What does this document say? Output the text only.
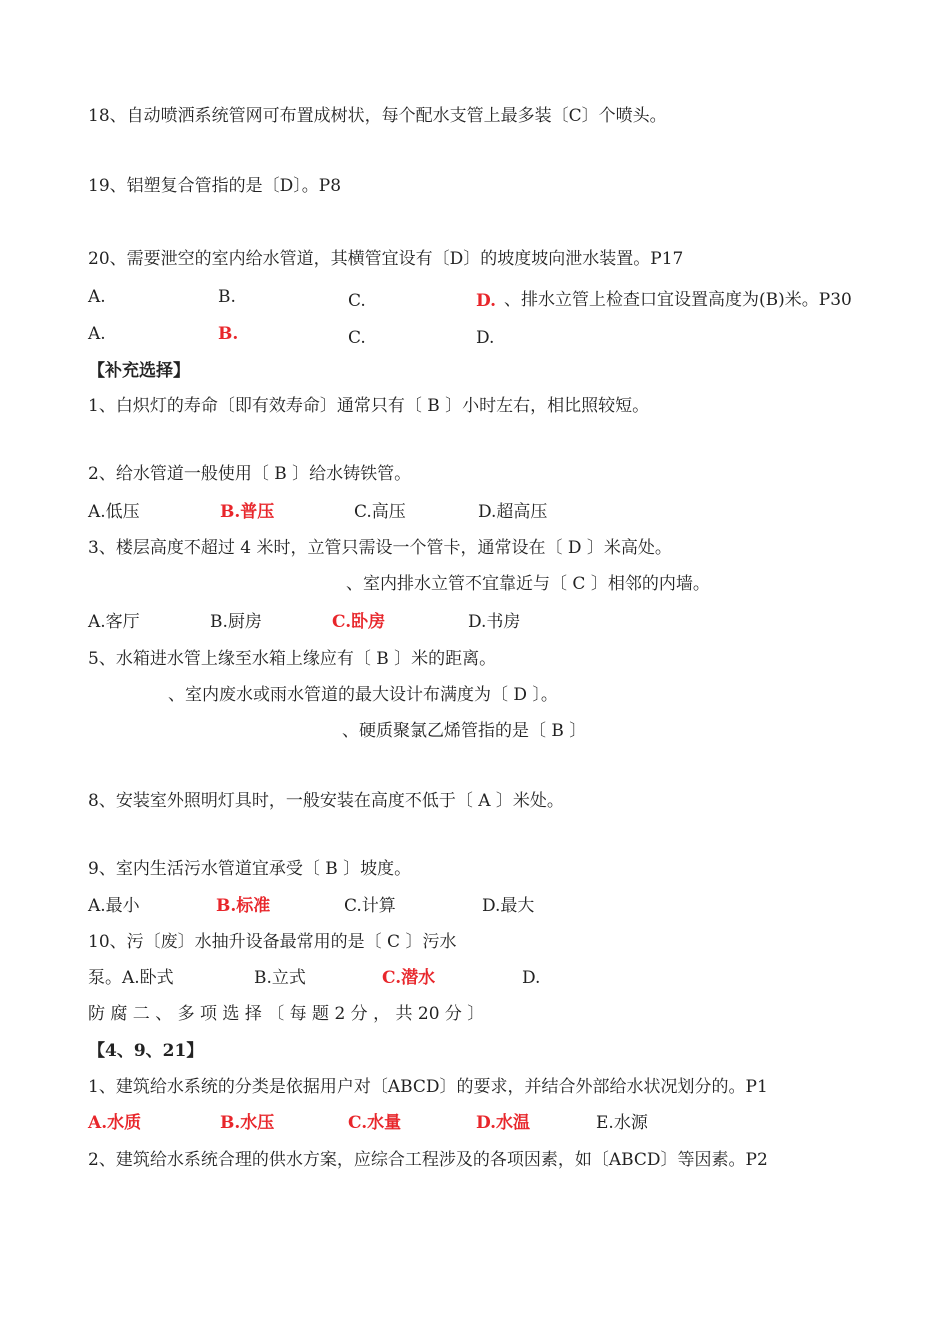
18、自动喷洒系统管网可布置成树状，每个配水支管上最多装〔C〕个喷头。
19、铝塑复合管指的是〔D〕。P8
20、需要泄空的室内给水管道，其横管宜设有〔D〕的坡度坡向泄水装置。P17
A.	B.	C.	D. 、排水立管上检查口宜设置高度为(B)米。P30
A.	B.	C.	D.
【补充选择】
1、白炽灯的寿命〔即有效寿命〕通常只有〔 B 〕小时左右，相比照较短。
2、给水管道一般使用〔 B 〕给水铸铁管。
A.低压	B.普压	C.高压	D.超高压
3、楼层高度不超过 4 米时，立管只需设一个管卡，通常设在〔 D 〕米高处。
、室内排水立管不宜靠近与〔 C 〕相邻的内墙。
A.客厅	B.厨房	C.卧房	D.书房
5、水箱进水管上缘至水箱上缘应有〔 B 〕米的距离。
、室内废水或雨水管道的最大设计布满度为〔 D 〕。
、硬质聚氯乙烯管指的是〔 B 〕
8、安装室外照明灯具时，一般安装在高度不低于〔 A 〕米处。
9、室内生活污水管道宜承受〔 B 〕坡度。
A.最小	B.标准	C.计算	D.最大
10、污〔废〕水抽升设备最常用的是〔 C 〕污水
泵。A.卧式	B.立式	C.潜水	D.
防 腐 二 、 多 项 选 择 〔 每 题 2 分 ， 共 20 分 〕
【4、9、21】
1、建筑给水系统的分类是依据用户对〔ABCD〕的要求，并结合外部给水状况划分的。P1
A.水质	B.水压	C.水量	D.水温	E.水源
2、建筑给水系统合理的供水方案，应综合工程涉及的各项因素，如〔ABCD〕等因素。P2
